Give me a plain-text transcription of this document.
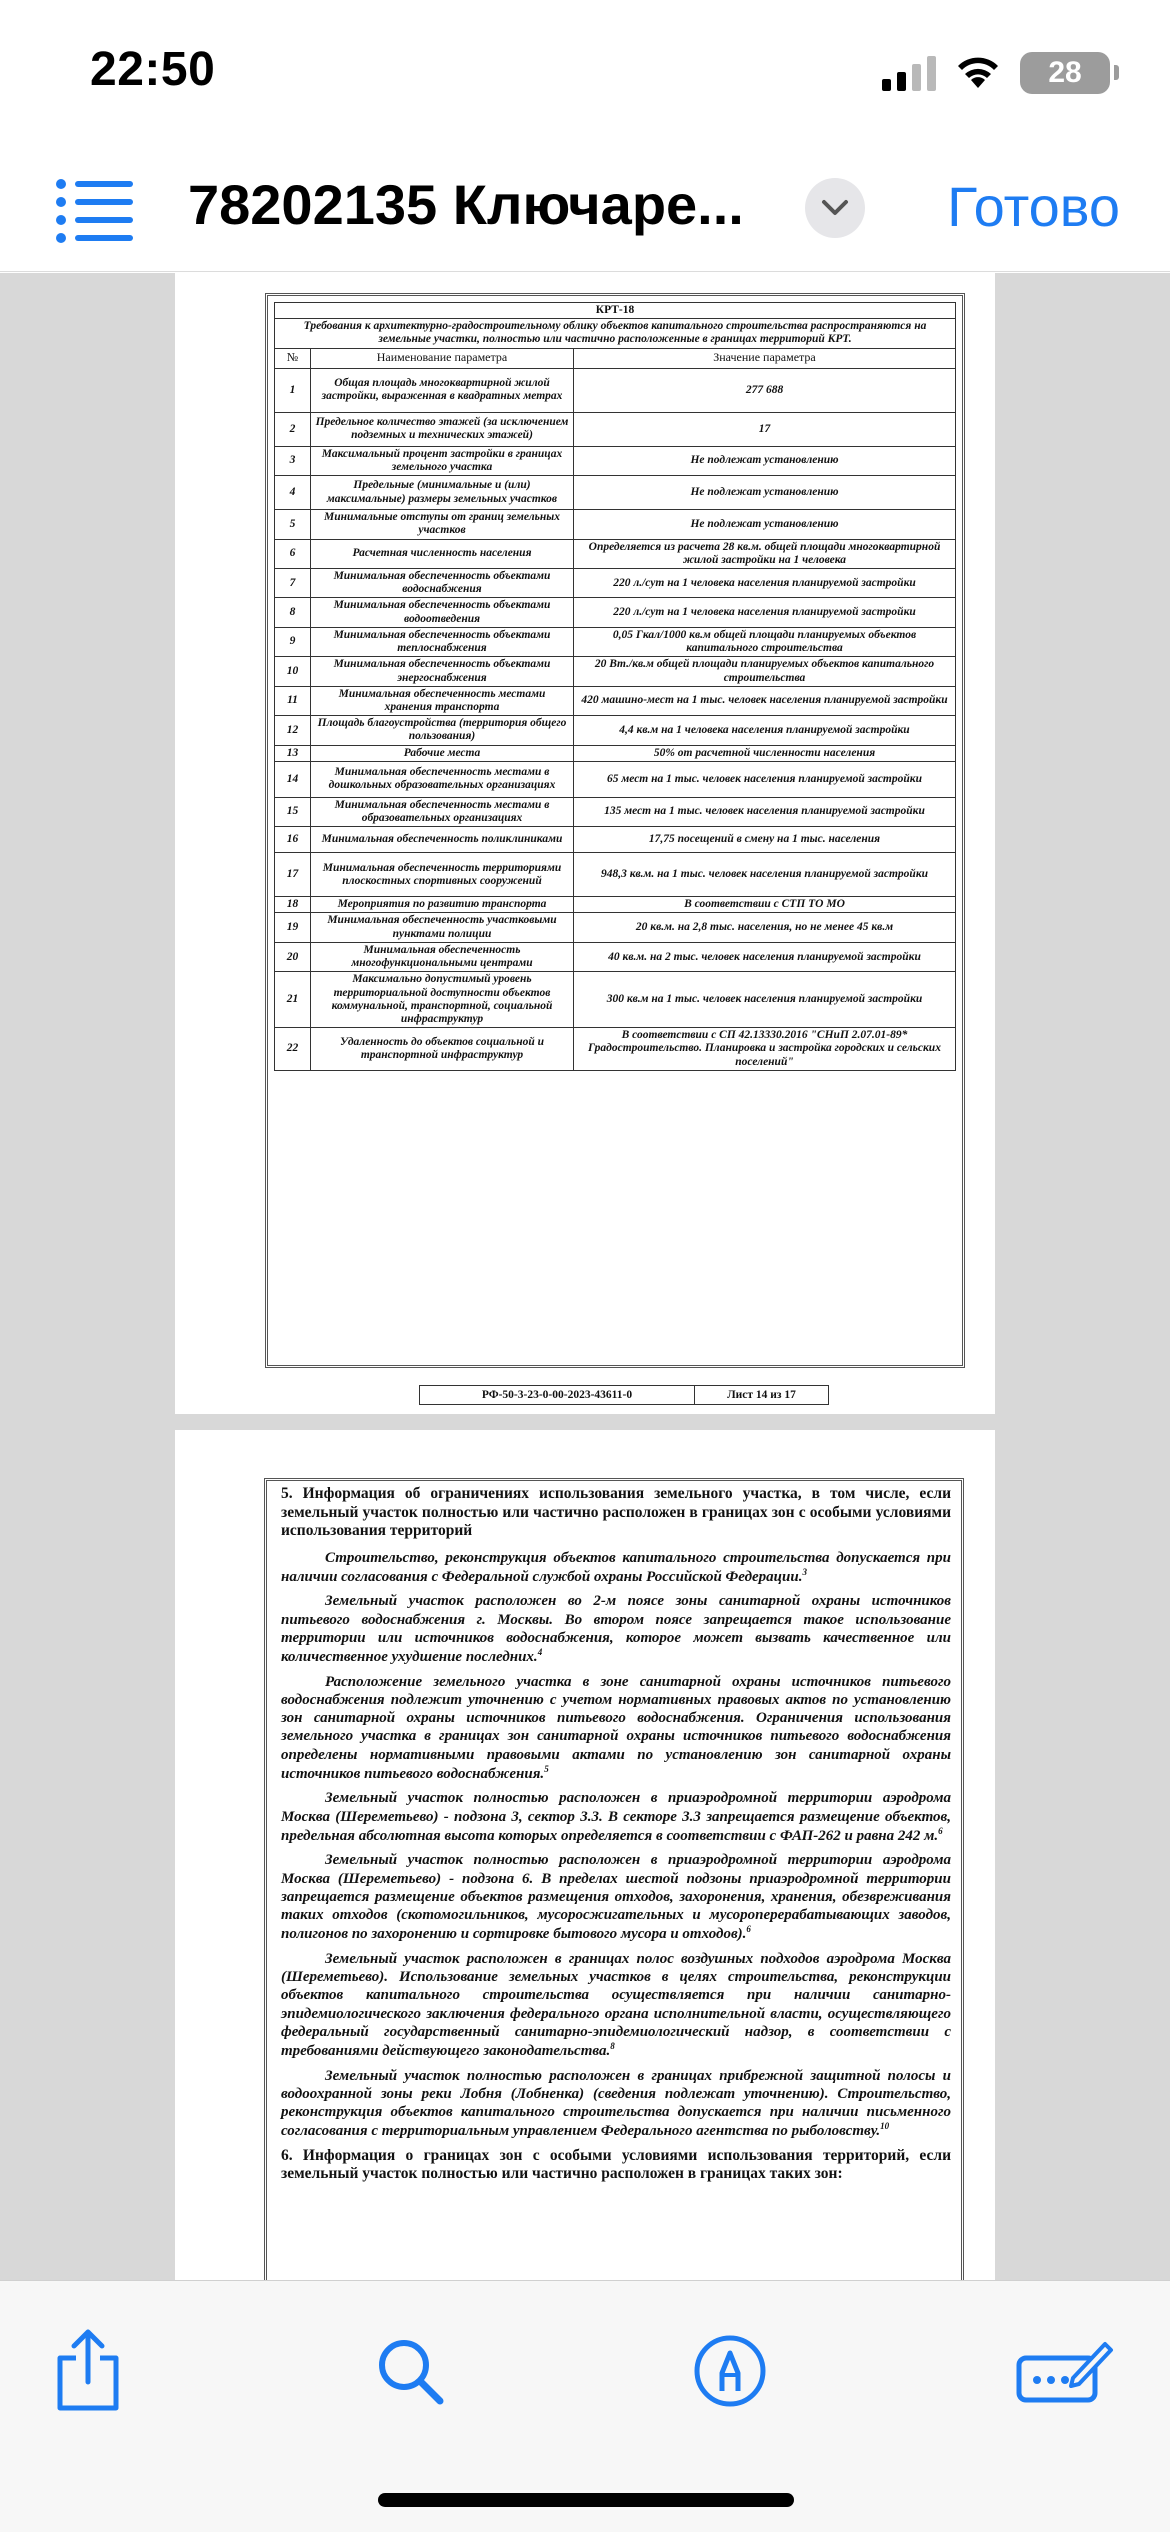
22:50	28
78202135 Ключаре...	Готово
КРТ-18		
Требования к архитектурно-градостроительному облику объектов капитального строительства распространяются на земельные участки, полностью или частично расположенные в границах территорий КРТ.		
№	Наименование параметра	Значение параметра
1	Общая площадь многоквартирной жилой застройки, выраженная в квадратных метрах	277 688
2	Предельное количество этажей (за исключением подземных и технических этажей)	17
3	Максимальный процент застройки в границах земельного участка	Не подлежат установлению
4	Предельные (минимальные и (или) максимальные) размеры земельных участков	Не подлежат установлению
5	Минимальные отступы от границ земельных участков	Не подлежат установлению
6	Расчетная численность населения	Определяется из расчета 28 кв.м. общей площади многоквартирной жилой застройки на 1 человека
7	Минимальная обеспеченность объектами водоснабжения	220 л./сут на 1 человека населения планируемой застройки
8	Минимальная обеспеченность объектами водоотведения	220 л./сут на 1 человека населения планируемой застройки
9	Минимальная обеспеченность объектами теплоснабжения	0,05 Гкал/1000 кв.м общей площади планируемых объектов капитального строительства
10	Минимальная обеспеченность объектами энергоснабжения	20 Вт./кв.м общей площади планируемых объектов капитального строительства
11	Минимальная обеспеченность местами хранения транспорта	420 машино-мест на 1 тыс. человек населения планируемой застройки
12	Площадь благоустройства (территория общего пользования)	4,4 кв.м на 1 человека населения планируемой застройки
13	Рабочие места	50% от расчетной численности населения
14	Минимальная обеспеченность местами в дошкольных образовательных организациях	65 мест на 1 тыс. человек населения планируемой застройки
15	Минимальная обеспеченность местами в образовательных организациях	135 мест на 1 тыс. человек населения планируемой застройки
16	Минимальная обеспеченность поликлиниками	17,75 посещений в смену на 1 тыс. населения
17	Минимальная обеспеченность территориями плоскостных спортивных сооружений	948,3 кв.м. на 1 тыс. человек населения планируемой застройки
18	Мероприятия по развитию транспорта	В соответствии с СТП ТО МО
19	Минимальная обеспеченность участковыми пунктами полиции	20 кв.м. на 2,8 тыс. населения, но не менее 45 кв.м
20	Минимальная обеспеченность многофункциональными центрами	40 кв.м. на 2 тыс. человек населения планируемой застройки
21	Максимально допустимый уровень территориальной доступности объектов коммунальной, транспортной, социальной инфраструктур	300 кв.м на 1 тыс. человек населения планируемой застройки
22	Удаленность до объектов социальной и транспортной инфраструктур	В соответствии с СП 42.13330.2016 "СНиП 2.07.01-89* Градостроительство. Планировка и застройка городских и сельских поселений"
РФ-50-3-23-0-00-2023-43611-0	Лист 14 из 17
5. Информация об ограничениях использования земельного участка, в том числе, если земельный участок полностью или частично расположен в границах зон с особыми условиями использования территорий

Строительство, реконструкция объектов капитального строительства допускается при наличии согласования с Федеральной службой охраны Российской Федерации.$^3$

Земельный участок расположен во 2-м поясе зоны санитарной охраны источников питьевого водоснабжения г. Москвы. Во втором поясе запрещается такое использование территории или источников водоснабжения, которое может вызвать качественное или количественное ухудшение последних.$^4$

Расположение земельного участка в зоне санитарной охраны источников питьевого водоснабжения подлежит уточнению с учетом нормативных правовых актов по установлению зон санитарной охраны источников питьевого водоснабжения. Ограничения использования земельного участка в границах зон санитарной охраны источников питьевого водоснабжения определены нормативными правовыми актами по установлению зон санитарной охраны источников питьевого водоснабжения.$^5$

Земельный участок полностью расположен в приаэродромной территории аэродрома Москва (Шереметьево) - подзона 3, сектор 3.3. В секторе 3.3 запрещается размещение объектов, предельная абсолютная высота которых определяется в соответствии с ФАП-262 и равна 242 м.$^6$

Земельный участок полностью расположен в приаэродромной территории аэродрома Москва (Шереметьево) - подзона 6. В пределах шестой подзоны приаэродромной территории запрещается размещение объектов размещения отходов, захоронения, хранения, обезвреживания таких отходов (скотомогильников, мусоросжигательных и мусороперерабатывающих заводов, полигонов по захоронению и сортировке бытового мусора и отходов).$^6$

Земельный участок расположен в границах полос воздушных подходов аэродрома Москва (Шереметьево). Использование земельных участков в целях строительства, реконструкции объектов капитального строительства осуществляется при наличии санитарно-эпидемиологического заключения федерального органа исполнительной власти, осуществляющего федеральный государственный санитарно-эпидемиологический надзор, в соответствии с требованиями действующего законодательства.$^8$

Земельный участок полностью расположен в границах прибрежной защитной полосы и водоохранной зоны реки Лобня (Лобненка) (сведения подлежат уточнению). Строительство, реконструкция объектов капитального строительства допускается при наличии письменного согласования с территориальным управлением Федерального агентства по рыболовству.$^{10}$

6. Информация о границах зон с особыми условиями использования территорий, если земельный участок полностью или частично расположен в границах таких зон:
